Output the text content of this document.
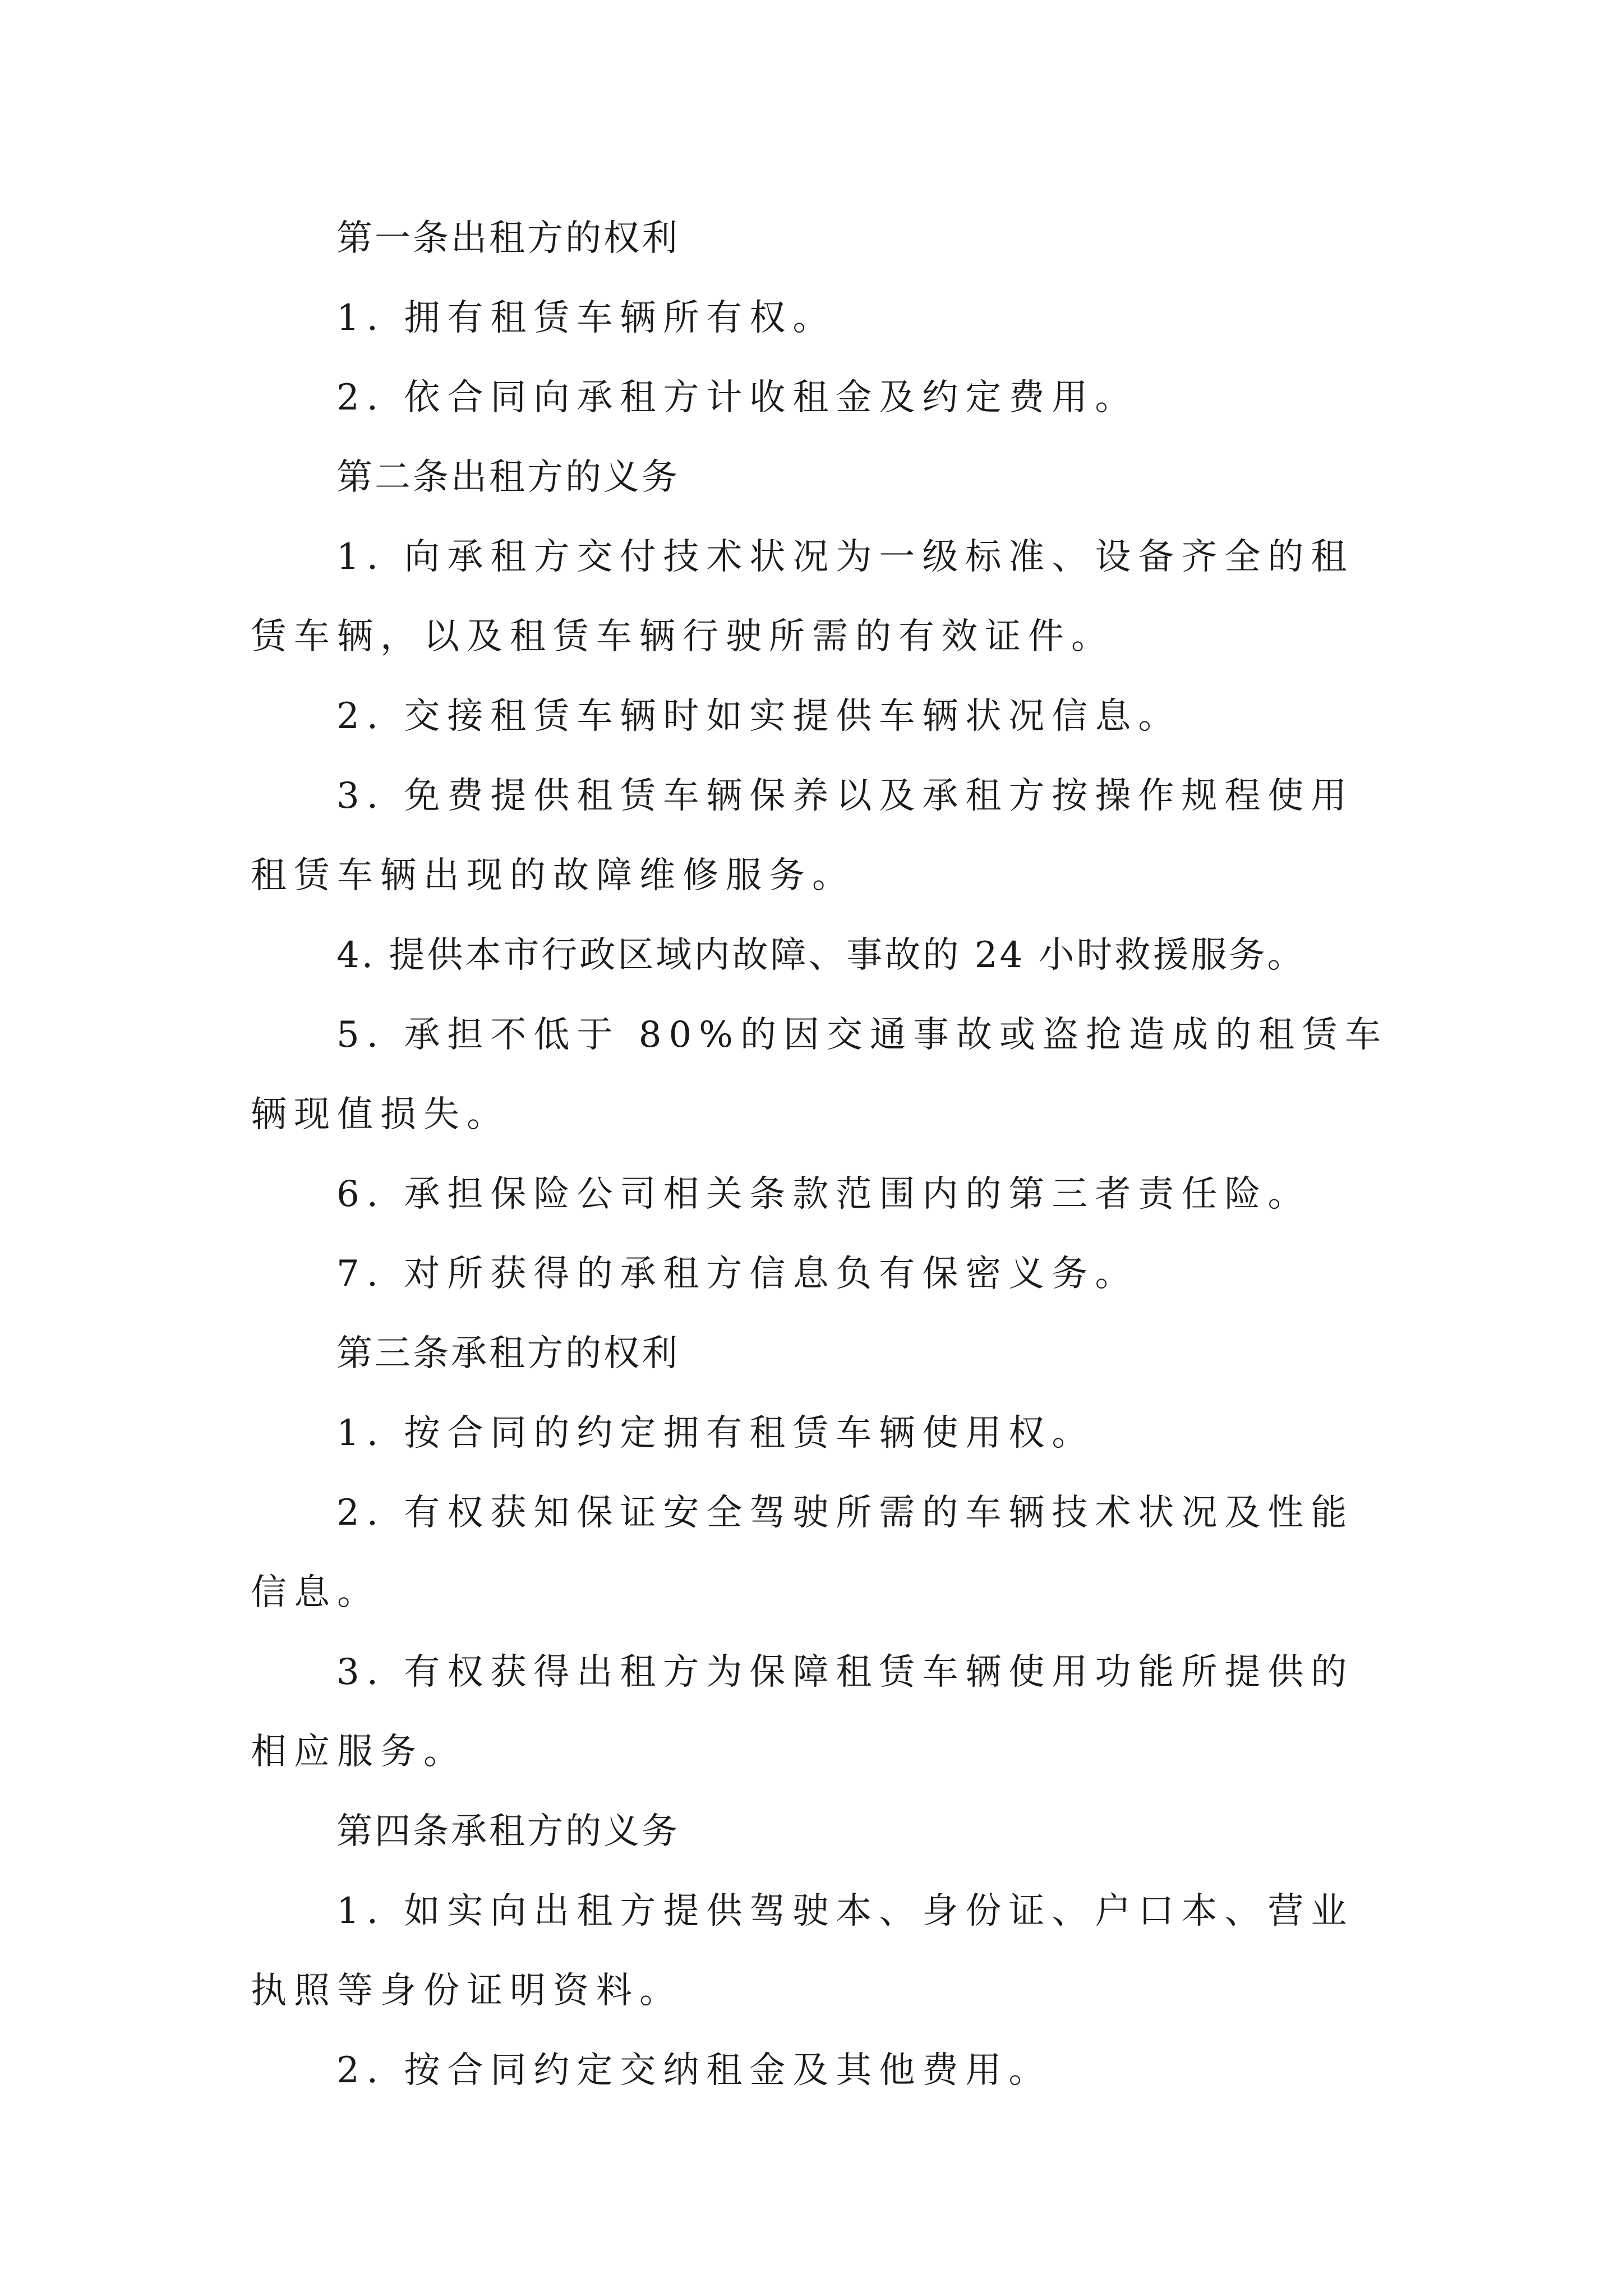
第一条出租方的权利

1. 拥有租赁车辆所有权。

2. 依合同向承租方计收租金及约定费用。

第二条出租方的义务

1. 向承租方交付技术状况为一级标准、设备齐全的租

赁车辆，以及租赁车辆行驶所需的有效证件。

2. 交接租赁车辆时如实提供车辆状况信息。

3. 免费提供租赁车辆保养以及承租方按操作规程使用

租赁车辆出现的故障维修服务。

4. 提供本市行政区域内故障、事故的 24 小时救援服务。

5. 承担不低于 80%的因交通事故或盗抢造成的租赁车

辆现值损失。

6. 承担保险公司相关条款范围内的第三者责任险。

7. 对所获得的承租方信息负有保密义务。

第三条承租方的权利

1. 按合同的约定拥有租赁车辆使用权。

2. 有权获知保证安全驾驶所需的车辆技术状况及性能

信息。

3. 有权获得出租方为保障租赁车辆使用功能所提供的

相应服务。

第四条承租方的义务

1. 如实向出租方提供驾驶本、身份证、户口本、营业

执照等身份证明资料。

2. 按合同约定交纳租金及其他费用。
